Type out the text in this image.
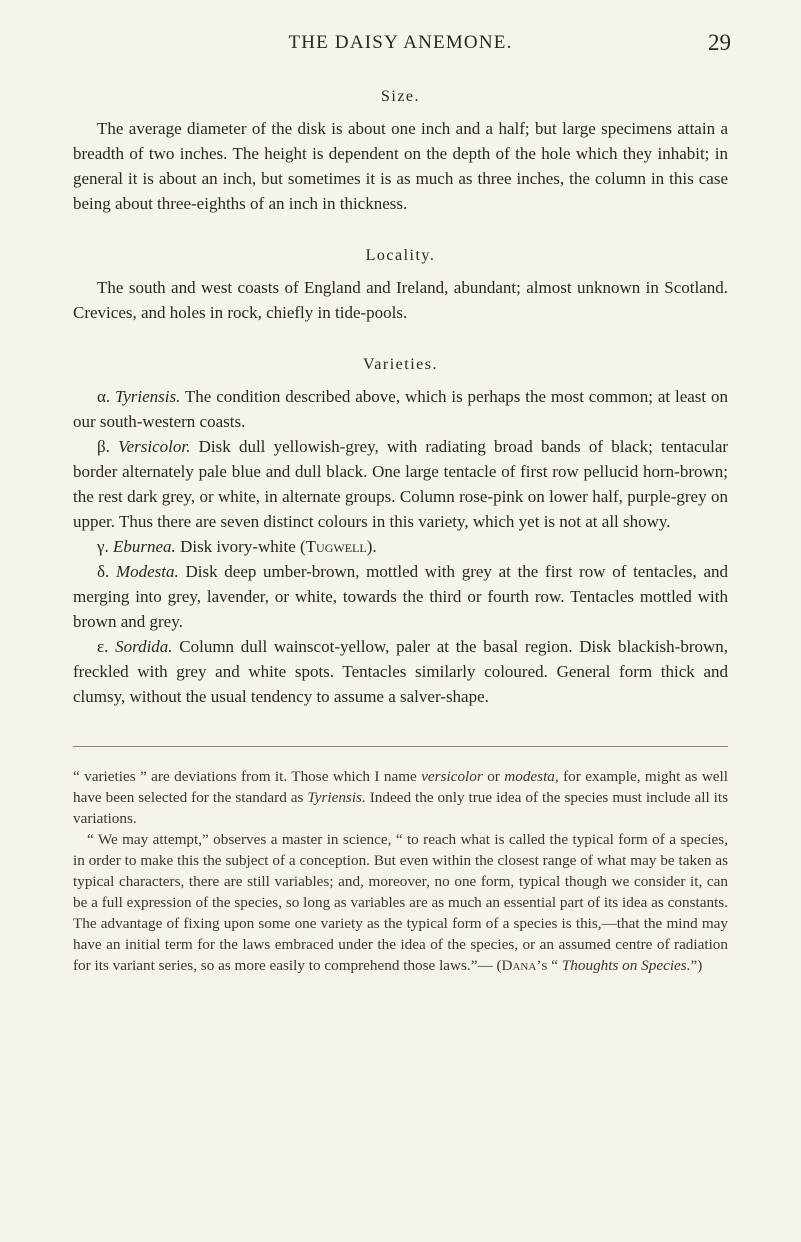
THE DAISY ANEMONE.	29
Size.

The average diameter of the disk is about one inch and a half; but large specimens attain a breadth of two inches. The height is dependent on the depth of the hole which they inhabit; in general it is about an inch, but sometimes it is as much as three inches, the column in this case being about three-eighths of an inch in thickness.

Locality.

The south and west coasts of England and Ireland, abundant; almost unknown in Scotland. Crevices, and holes in rock, chiefly in tide-pools.

Varieties.

α. Tyriensis. The condition described above, which is perhaps the most common; at least on our south-western coasts.

β. Versicolor. Disk dull yellowish-grey, with radiating broad bands of black; tentacular border alternately pale blue and dull black. One large tentacle of first row pellucid horn-brown; the rest dark grey, or white, in alternate groups. Column rose-pink on lower half, purple-grey on upper. Thus there are seven distinct colours in this variety, which yet is not at all showy.

γ. Eburnea. Disk ivory-white (Tugwell).

δ. Modesta. Disk deep umber-brown, mottled with grey at the first row of tentacles, and merging into grey, lavender, or white, towards the third or fourth row. Tentacles mottled with brown and grey.

ε. Sordida. Column dull wainscot-yellow, paler at the basal region. Disk blackish-brown, freckled with grey and white spots. Tentacles similarly coloured. General form thick and clumsy, without the usual tendency to assume a salver-shape.

“ varieties ” are deviations from it. Those which I name versicolor or modesta, for example, might as well have been selected for the standard as Tyriensis. Indeed the only true idea of the species must include all its variations.

“ We may attempt,” observes a master in science, “ to reach what is called the typical form of a species, in order to make this the subject of a conception. But even within the closest range of what may be taken as typical characters, there are still variables; and, moreover, no one form, typical though we consider it, can be a full expression of the species, so long as variables are as much an essential part of its idea as constants. The advantage of fixing upon some one variety as the typical form of a species is this,—that the mind may have an initial term for the laws embraced under the idea of the species, or an assumed centre of radiation for its variant series, so as more easily to comprehend those laws.”— (Dana’s “ Thoughts on Species.”)
